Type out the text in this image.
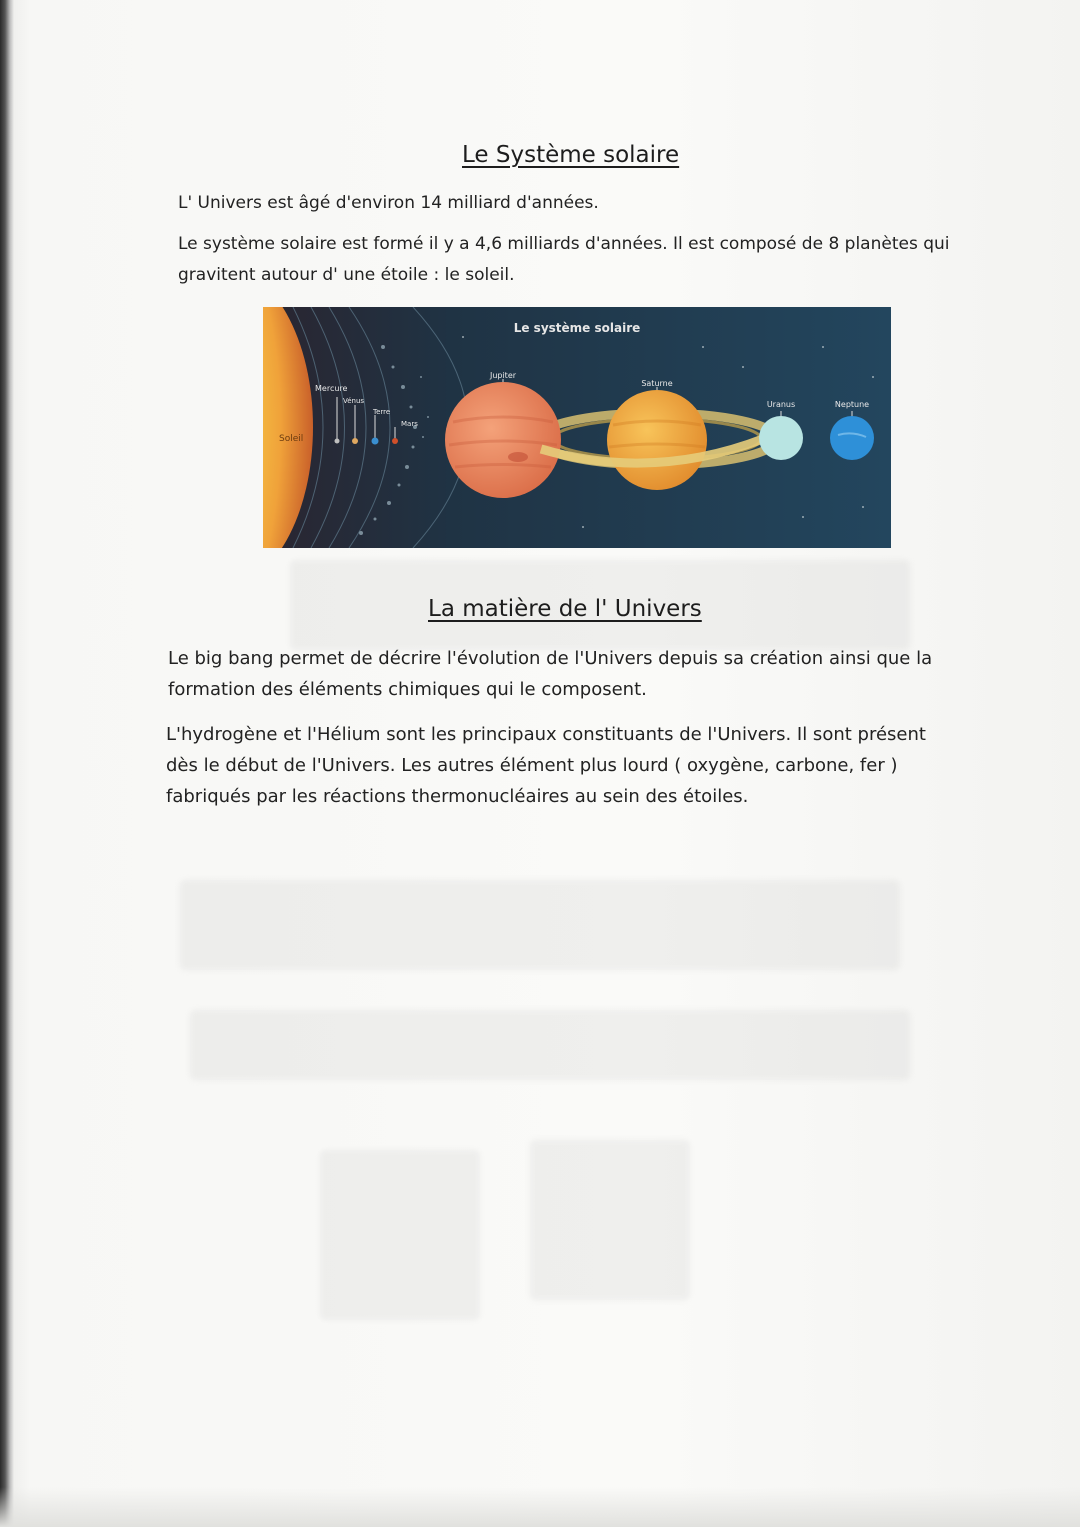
Le Système solaire
L' Univers est âgé d'environ 14 milliard d'années.
Le système solaire est formé il y a 4,6 milliards d'années. Il est composé de 8 planètes qui gravitent autour d' une étoile : le soleil.
Soleil
Mercure
Vénus
Terre
Mars
Le système solaire
Jupiter
Saturne
Uranus	Neptune
La matière de l' Univers
Le big bang permet de décrire l'évolution de l'Univers depuis sa création ainsi que la formation des éléments chimiques qui le composent.
L'hydrogène et l'Hélium sont les principaux constituants de l'Univers. Il sont présent dès le début de l'Univers. Les autres élément plus lourd ( oxygène, carbone, fer ) fabriqués par les réactions thermonucléaires au sein des étoiles.
